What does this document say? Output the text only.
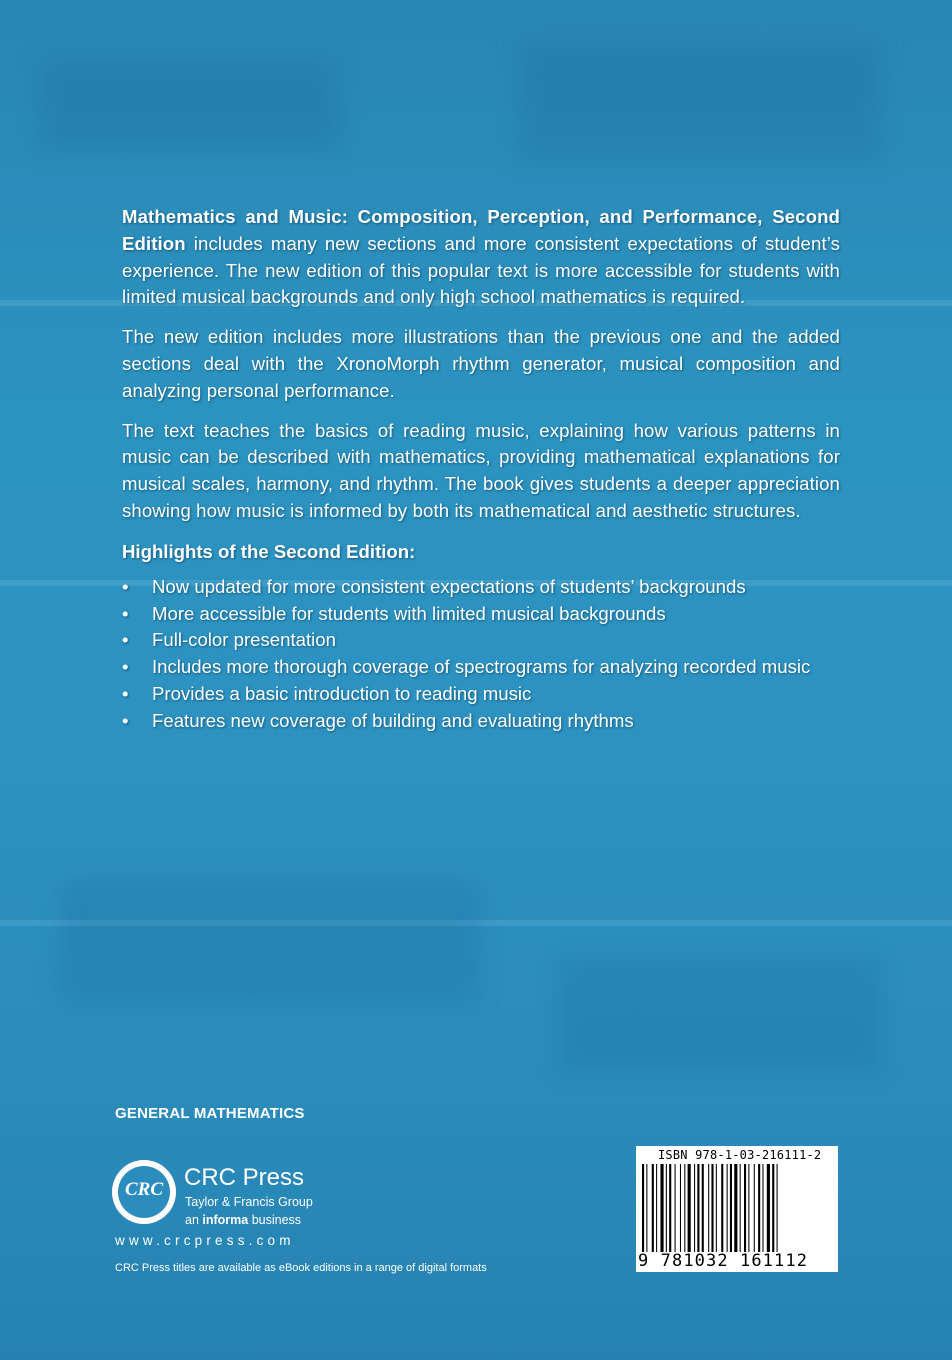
Mathematics and Music: Composition, Perception, and Performance, Second Edition includes many new sections and more consistent expectations of student’s experience. The new edition of this popular text is more accessible for students with limited musical backgrounds and only high school mathematics is required.

The new edition includes more illustrations than the previous one and the added sections deal with the XronoMorph rhythm generator, musical composition and analyzing personal performance.

The text teaches the basics of reading music, explaining how various patterns in music can be described with mathematics, providing mathematical explanations for musical scales, harmony, and rhythm. The book gives students a deeper appreciation showing how music is informed by both its mathematical and aesthetic structures.

Highlights of the Second Edition:
• Now updated for more consistent expectations of students’ backgrounds
• More accessible for students with limited musical backgrounds
• Full-color presentation
• Includes more thorough coverage of spectrograms for analyzing recorded music
• Provides a basic introduction to reading music
• Features new coverage of building and evaluating rhythms
GENERAL MATHEMATICS
CRC CRC Press
Taylor & Francis Group
an informa business
www.crcpress.com
CRC Press titles are available as eBook editions in a range of digital formats
ISBN 978-1-03-216111-2
9 781032 161112
